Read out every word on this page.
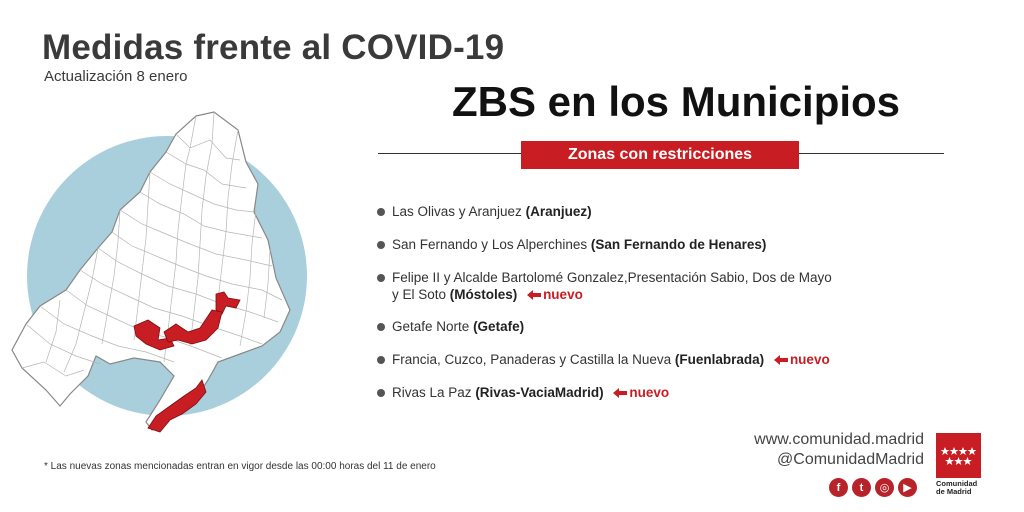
Medidas frente al COVID-19
Actualización 8 enero
ZBS en los Municipios
Zonas con restricciones
Las Olivas y Aranjuez (Aranjuez)
San Fernando y Los Alperchines (San Fernando de Henares)
Felipe II y Alcalde Bartolomé Gonzalez,Presentación Sabio, Dos de Mayo
y El Soto (Móstoles) nuevo
Getafe Norte (Getafe)
Francia, Cuzco, Panaderas y Castilla la Nueva (Fuenlabrada) nuevo
Rivas La Paz (Rivas-VaciaMadrid) nuevo
* Las nuevas zonas mencionadas entran en vigor desde las 00:00 horas del 11 de enero
www.comunidad.madrid
@ComunidadMadrid
f	t	◎	▶	Comunidad
de Madrid
